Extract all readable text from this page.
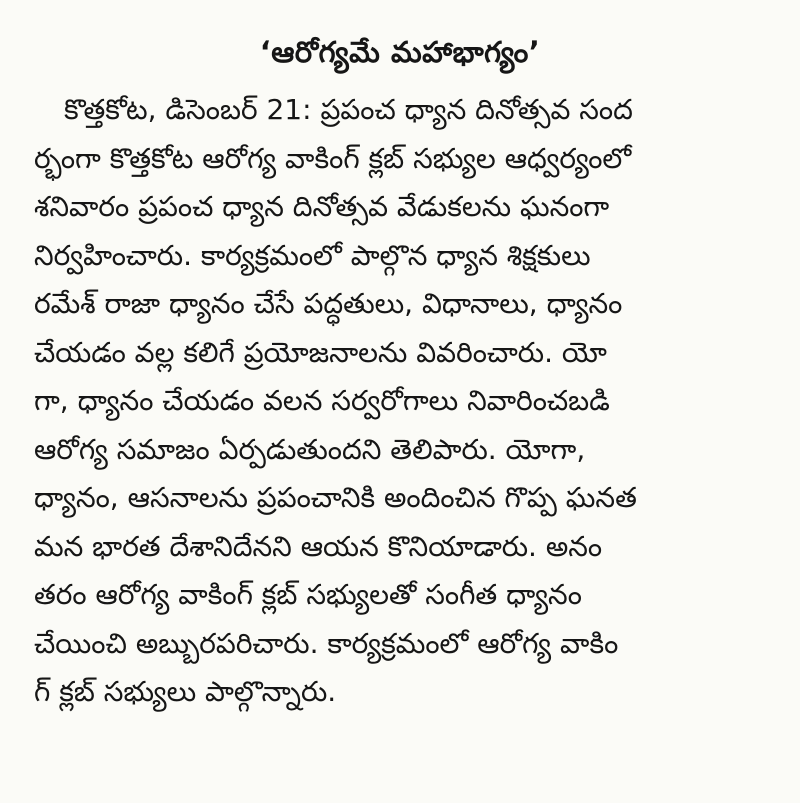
‘ఆరోగ్యమే మహాభాగ్యం’
కొత్తకోట, డిసెంబర్ 21: ప్రపంచ ధ్యాన దినోత్సవ సంద
ర్భంగా కొత్తకోట ఆరోగ్య వాకింగ్ క్లబ్ సభ్యుల ఆధ్వర్యంలో
శనివారం ప్రపంచ ధ్యాన దినోత్సవ వేడుకలను ఘనంగా
నిర్వహించారు. కార్యక్రమంలో పాల్గొన ధ్యాన శిక్షకులు
రమేశ్ రాజా ధ్యానం చేసే పద్ధతులు, విధానాలు, ధ్యానం
చేయడం వల్ల కలిగే ప్రయోజనాలను వివరించారు. యో
గా, ధ్యానం చేయడం వలన సర్వరోగాలు నివారించబడి
ఆరోగ్య సమాజం ఏర్పడుతుందని తెలిపారు. యోగా,
ధ్యానం, ఆసనాలను ప్రపంచానికి అందించిన గొప్ప ఘనత
మన భారత దేశానిదేనని ఆయన కొనియాడారు. అనం
తరం ఆరోగ్య వాకింగ్ క్లబ్ సభ్యులతో సంగీత ధ్యానం
చేయించి అబ్బురపరిచారు. కార్యక్రమంలో ఆరోగ్య వాకిం
గ్ క్లబ్ సభ్యులు పాల్గొన్నారు.
